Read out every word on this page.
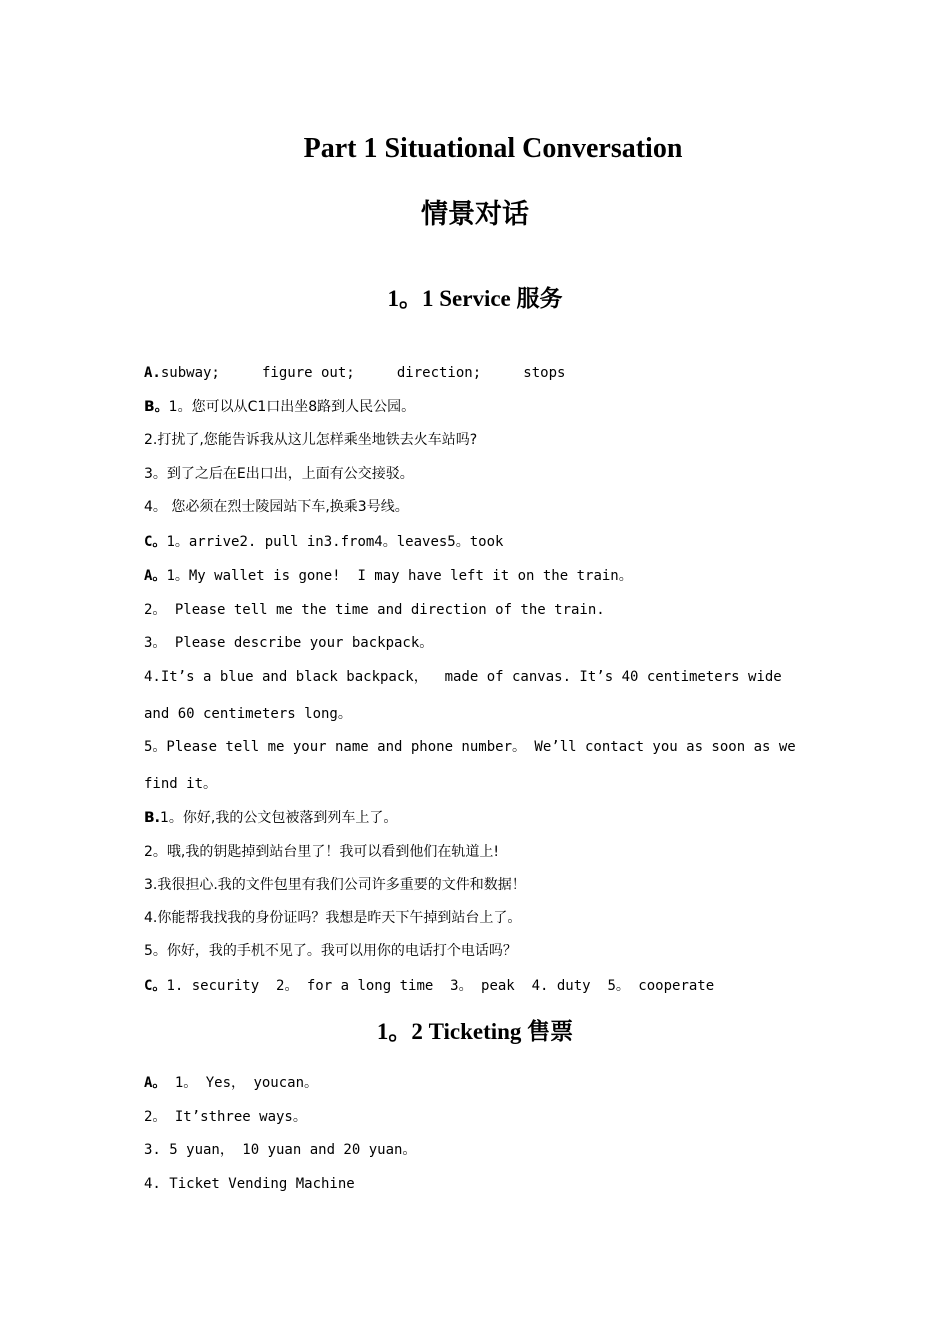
Part 1 Situational Conversation
情景对话
1。1 Service 服务

A.subway;     figure out;     direction;     stops

B。1。您可以从C1口出坐8路到人民公园。

2.打扰了,您能告诉我从这儿怎样乘坐地铁去火车站吗?

3。到了之后在E出口出，上面有公交接驳。

4。 您必须在烈士陵园站下车,换乘3号线。

C。1。arrive2. pull in3.from4。leaves5。took

A。1。My wallet is gone!  I may have left it on the train。

2。 Please tell me the time and direction of the train.

3。 Please describe your backpack。

4.It’s a blue and black backpack，  made of canvas. It’s 40 centimeters wide

and 60 centimeters long。

5。Please tell me your name and phone number。 We’ll contact you as soon as we

find it。

B.1。你好,我的公文包被落到列车上了。

2。哦,我的钥匙掉到站台里了！我可以看到他们在轨道上!

3.我很担心.我的文件包里有我们公司许多重要的文件和数据！

4.你能帮我找我的身份证吗？我想是昨天下午掉到站台上了。

5。你好，我的手机不见了。我可以用你的电话打个电话吗？

C。1. security  2。 for a long time  3。 peak  4. duty  5。 cooperate

1。2 Ticketing 售票

A。 1。 Yes， youcan。

2。 It’sthree ways。

3. 5 yuan， 10 yuan and 20 yuan。

4. Ticket Vending Machine
